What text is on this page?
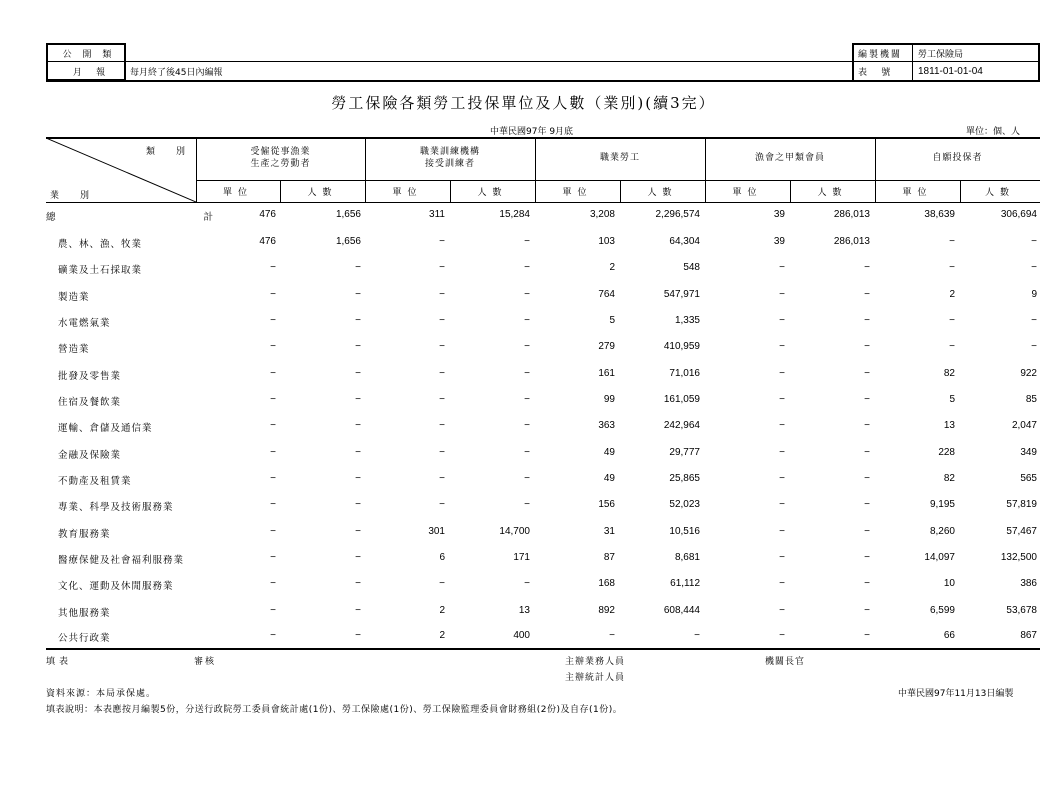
公 開 類
月     報	每月終了後45日內編報
編製機關	勞工保險局
表     號	1811-01-01-04
勞工保險各類勞工投保單位及人數（業別)(續3完）
中華民國97年 9月底	單位：個、人
類　　別
業　　別
受僱從事漁業
生產之勞動者
職業訓練機構
接受訓練者
職業勞工	漁會之甲類會員	自願投保者
單位	人數	單位	人數	單位	人數	單位	人數	單位	人數
總　　　　　　　　　　　　　　計	476	1,656	311	15,284	3,208	2,296,574	39	286,013	38,639	306,694
農、林、漁、牧業	476	1,656	−	−	103	64,304	39	286,013	−	−
礦業及土石採取業	−	−	−	−	2	548	−	−	−	−
製造業	−	−	−	−	764	547,971	−	−	2	9
水電燃氣業	−	−	−	−	5	1,335	−	−	−	−
營造業	−	−	−	−	279	410,959	−	−	−	−
批發及零售業	−	−	−	−	161	71,016	−	−	82	922
住宿及餐飲業	−	−	−	−	99	161,059	−	−	5	85
運輸、倉儲及通信業	−	−	−	−	363	242,964	−	−	13	2,047
金融及保險業	−	−	−	−	49	29,777	−	−	228	349
不動產及租賃業	−	−	−	−	49	25,865	−	−	82	565
專業、科學及技術服務業	−	−	−	−	156	52,023	−	−	9,195	57,819
教育服務業	−	−	301	14,700	31	10,516	−	−	8,260	57,467
醫療保健及社會福利服務業	−	−	6	171	87	8,681	−	−	14,097	132,500
文化、運動及休閒服務業	−	−	−	−	168	61,112	−	−	10	386
其他服務業	−	−	2	13	892	608,444	−	−	6,599	53,678
公共行政業	−	−	2	400	−	−	−	−	66	867
填表	審核	主辦業務人員
主辦統計人員
機關長官
資料來源：本局承保處。
填表說明：本表應按月編製5份，分送行政院勞工委員會統計處(1份)、勞工保險處(1份)、勞工保險監理委員會財務組(2份)及自存(1份)。
中華民國97年11月13日編製
